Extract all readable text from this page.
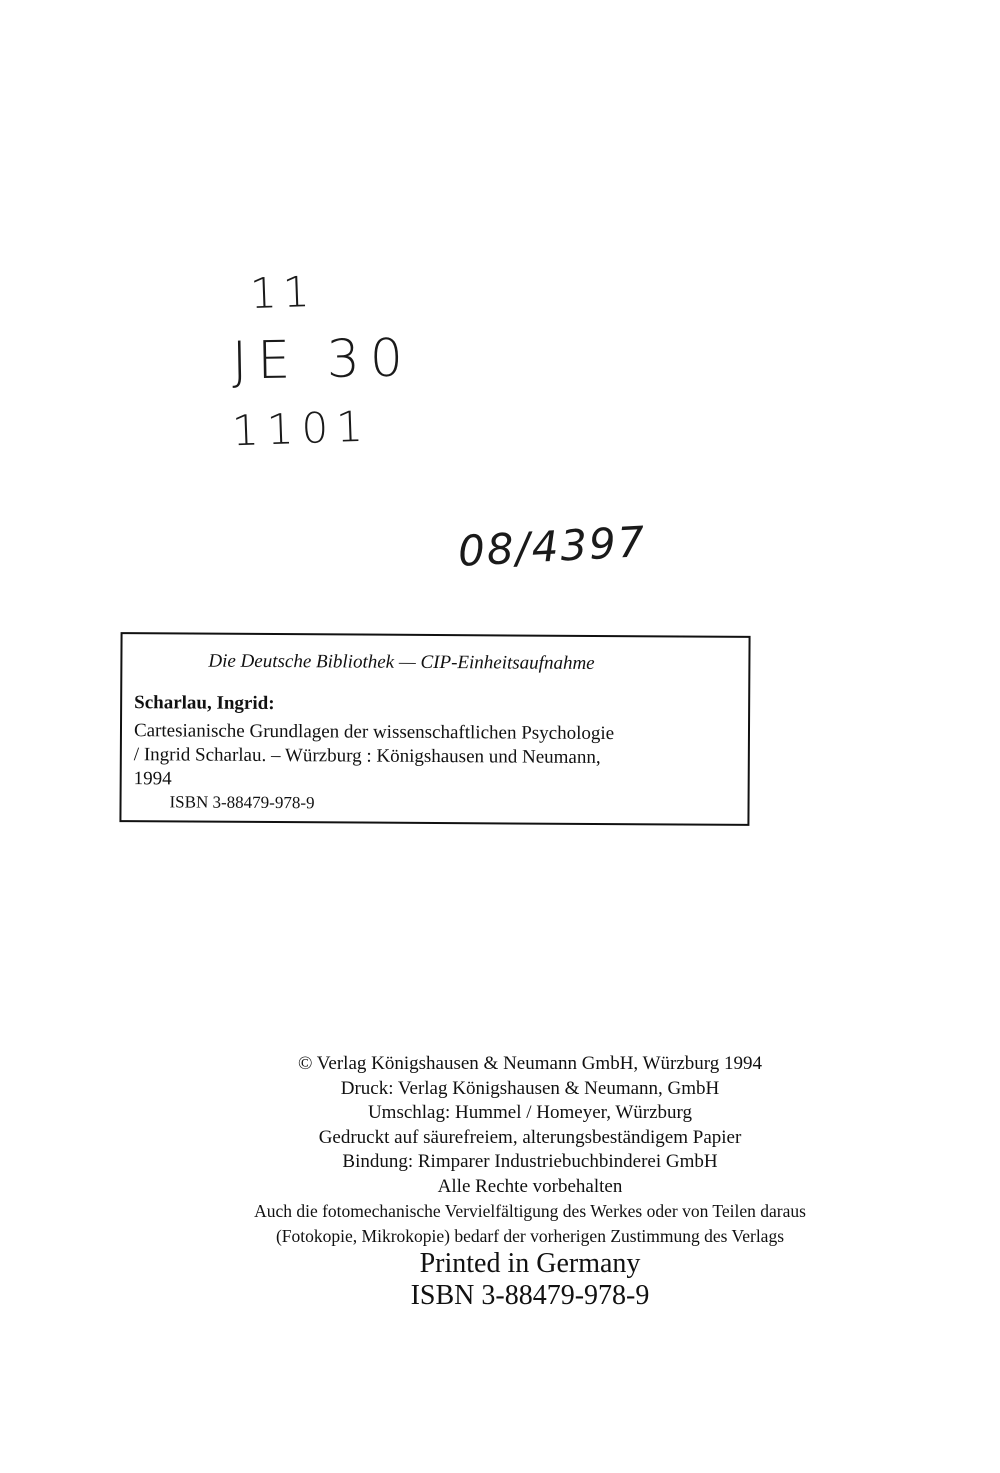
11
JE 30
1101
08/4397
Die Deutsche Bibliothek — CIP-Einheitsaufnahme
Scharlau, Ingrid:
Cartesianische Grundlagen der wissenschaftlichen Psychologie
/ Ingrid Scharlau. – Würzburg : Königshausen und Neumann,
1994
ISBN 3-88479-978-9
© Verlag Königshausen & Neumann GmbH, Würzburg 1994
Druck: Verlag Königshausen & Neumann, GmbH
Umschlag: Hummel / Homeyer, Würzburg
Gedruckt auf säurefreiem, alterungsbeständigem Papier
Bindung: Rimparer Industriebuchbinderei GmbH
Alle Rechte vorbehalten
Auch die fotomechanische Vervielfältigung des Werkes oder von Teilen daraus
(Fotokopie, Mikrokopie) bedarf der vorherigen Zustimmung des Verlags
Printed in Germany
ISBN 3-88479-978-9
